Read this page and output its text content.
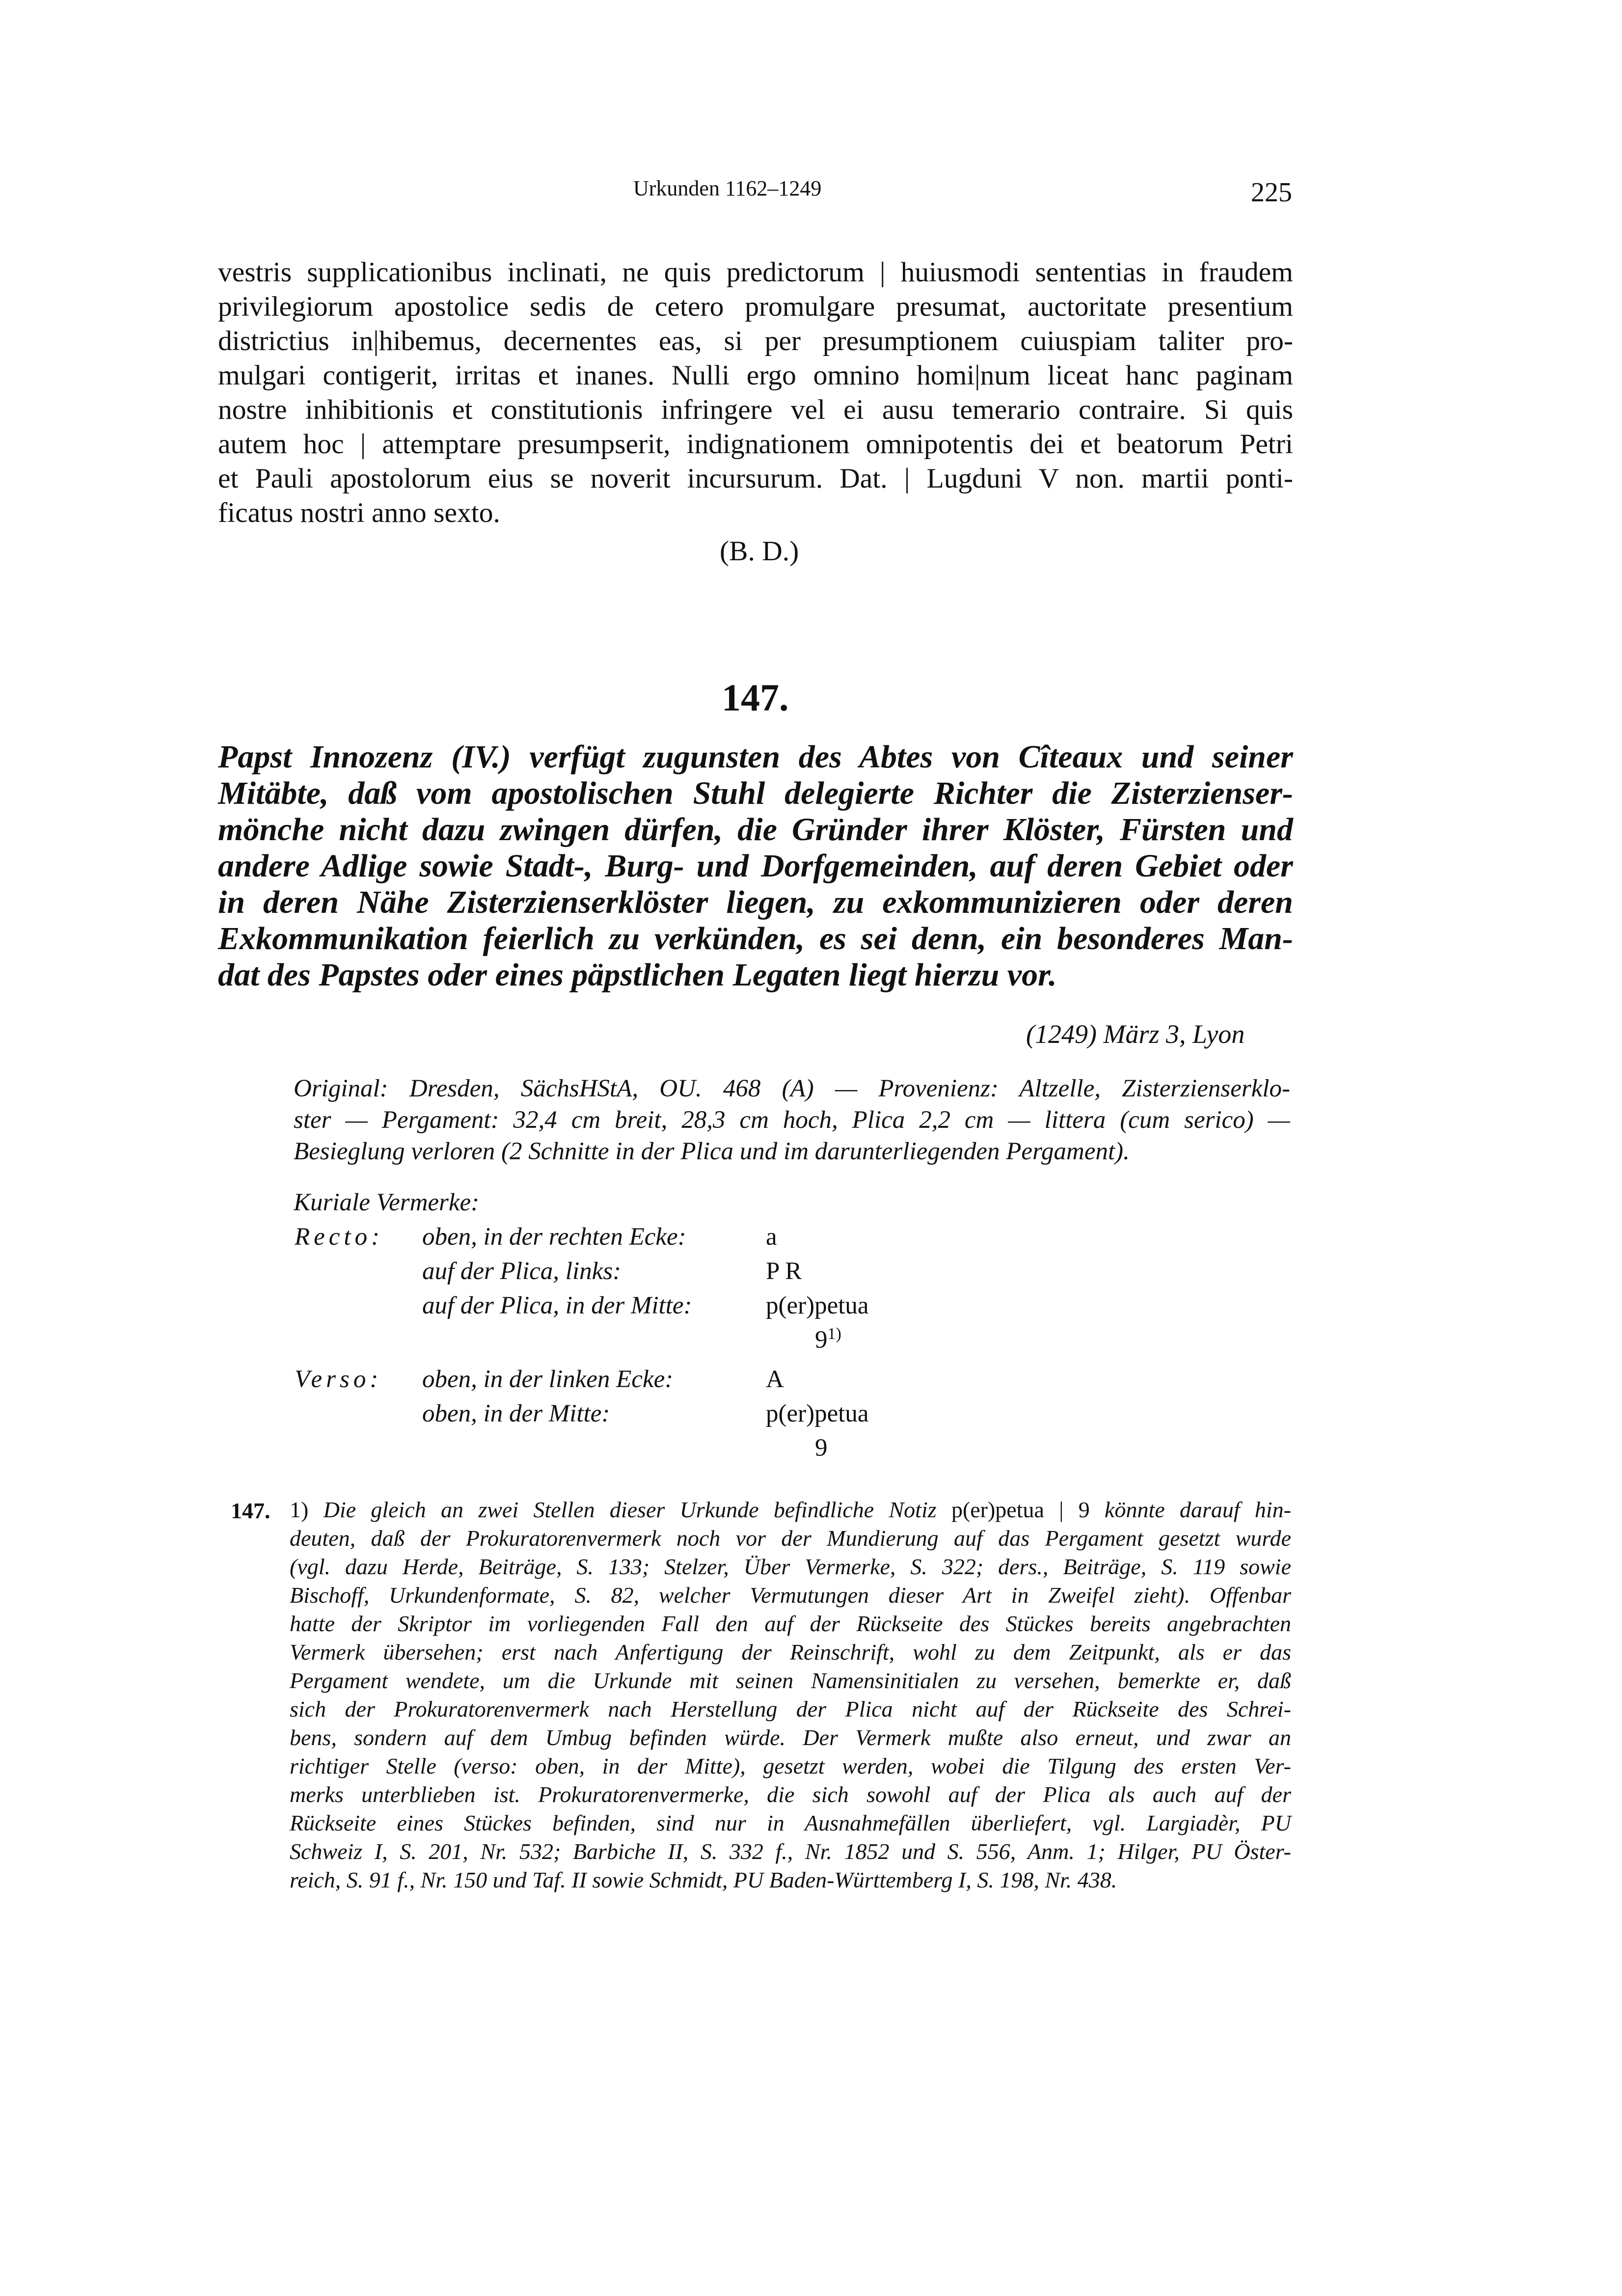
Urkunden 1162–1249	225
vestris supplicationibus inclinati, ne quis predictorum | huiusmodi sententias in fraudem
privilegiorum apostolice sedis de cetero promulgare presumat, auctoritate presentium
districtius in|hibemus, decernentes eas, si per presumptionem cuiuspiam taliter pro-
mulgari contigerit, irritas et inanes. Nulli ergo omnino homi|num liceat hanc paginam
nostre inhibitionis et constitutionis infringere vel ei ausu temerario contraire. Si quis
autem hoc | attemptare presumpserit, indignationem omnipotentis dei et beatorum Petri
et Pauli apostolorum eius se noverit incursurum. Dat. | Lugduni V non. martii ponti-
ficatus nostri anno sexto.
(B. D.)
147.
Papst Innozenz (IV.) verfügt zugunsten des Abtes von Cîteaux und seiner
Mitäbte, daß vom apostolischen Stuhl delegierte Richter die Zisterzienser-
mönche nicht dazu zwingen dürfen, die Gründer ihrer Klöster, Fürsten und
andere Adlige sowie Stadt-, Burg- und Dorfgemeinden, auf deren Gebiet oder
in deren Nähe Zisterzienserklöster liegen, zu exkommunizieren oder deren
Exkommunikation feierlich zu verkünden, es sei denn, ein besonderes Man-
dat des Papstes oder eines päpstlichen Legaten liegt hierzu vor.
(1249) März 3, Lyon
Original: Dresden, SächsHStA, OU. 468 (A) — Provenienz: Altzelle, Zisterzienserklo-
ster — Pergament: 32,4 cm breit, 28,3 cm hoch, Plica 2,2 cm — littera (cum serico) —
Besieglung verloren (2 Schnitte in der Plica und im darunterliegenden Pergament).
Kuriale Vermerke:
Recto: oben, in der rechten Ecke:	a
auf der Plica, links:	P R
auf der Plica, in der Mitte:	p(er)petua
9$^{1)}$
Verso: oben, in der linken Ecke:	A
oben, in der Mitte:	p(er)petua
9
147. 1) Die gleich an zwei Stellen dieser Urkunde befindliche Notiz p(er)petua | 9 könnte darauf hin-
deuten, daß der Prokuratorenvermerk noch vor der Mundierung auf das Pergament gesetzt wurde
(vgl. dazu Herde, Beiträge, S. 133; Stelzer, Über Vermerke, S. 322; ders., Beiträge, S. 119 sowie
Bischoff, Urkundenformate, S. 82, welcher Vermutungen dieser Art in Zweifel zieht). Offenbar
hatte der Skriptor im vorliegenden Fall den auf der Rückseite des Stückes bereits angebrachten
Vermerk übersehen; erst nach Anfertigung der Reinschrift, wohl zu dem Zeitpunkt, als er das
Pergament wendete, um die Urkunde mit seinen Namensinitialen zu versehen, bemerkte er, daß
sich der Prokuratorenvermerk nach Herstellung der Plica nicht auf der Rückseite des Schrei-
bens, sondern auf dem Umbug befinden würde. Der Vermerk mußte also erneut, und zwar an
richtiger Stelle (verso: oben, in der Mitte), gesetzt werden, wobei die Tilgung des ersten Ver-
merks unterblieben ist. Prokuratorenvermerke, die sich sowohl auf der Plica als auch auf der
Rückseite eines Stückes befinden, sind nur in Ausnahmefällen überliefert, vgl. Largiadèr, PU
Schweiz I, S. 201, Nr. 532; Barbiche II, S. 332 f., Nr. 1852 und S. 556, Anm. 1; Hilger, PU Öster-
reich, S. 91 f., Nr. 150 und Taf. II sowie Schmidt, PU Baden-Württemberg I, S. 198, Nr. 438.
